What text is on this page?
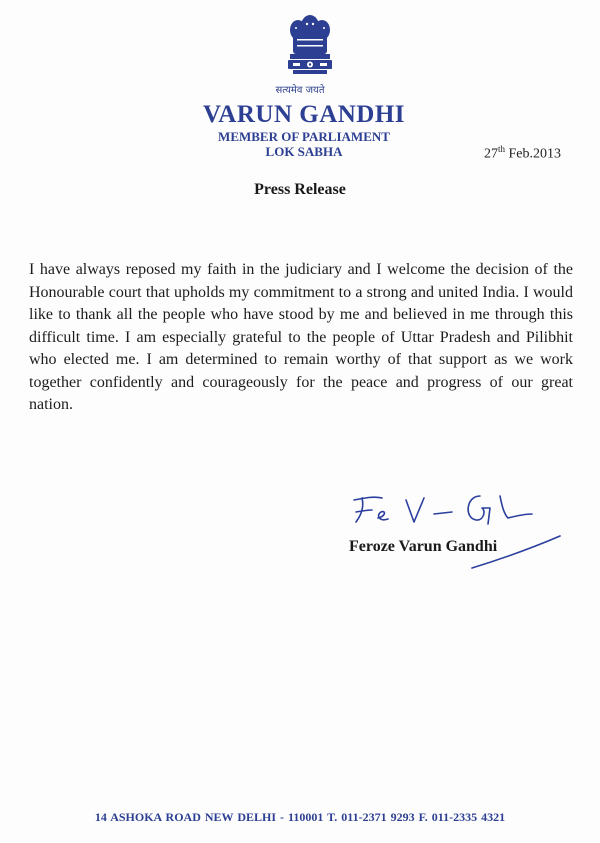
सत्यमेव जयते
VARUN GANDHI
MEMBER OF PARLIAMENT
LOK SABHA	27th Feb.2013
Press Release
I have always reposed my faith in the judiciary and I welcome the decision of the Honourable court that upholds my commitment to a strong and united India. I would like to thank all the people who have stood by me and believed in me through this difficult time. I am especially grateful to the people of Uttar Pradesh and Pilibhit who elected me. I am determined to remain worthy of that support as we work together confidently and courageously for the peace and progress of our great nation.
Feroze Varun Gandhi
14 ASHOKA ROAD NEW DELHI - 110001 T. 011-2371 9293 F. 011-2335 4321
